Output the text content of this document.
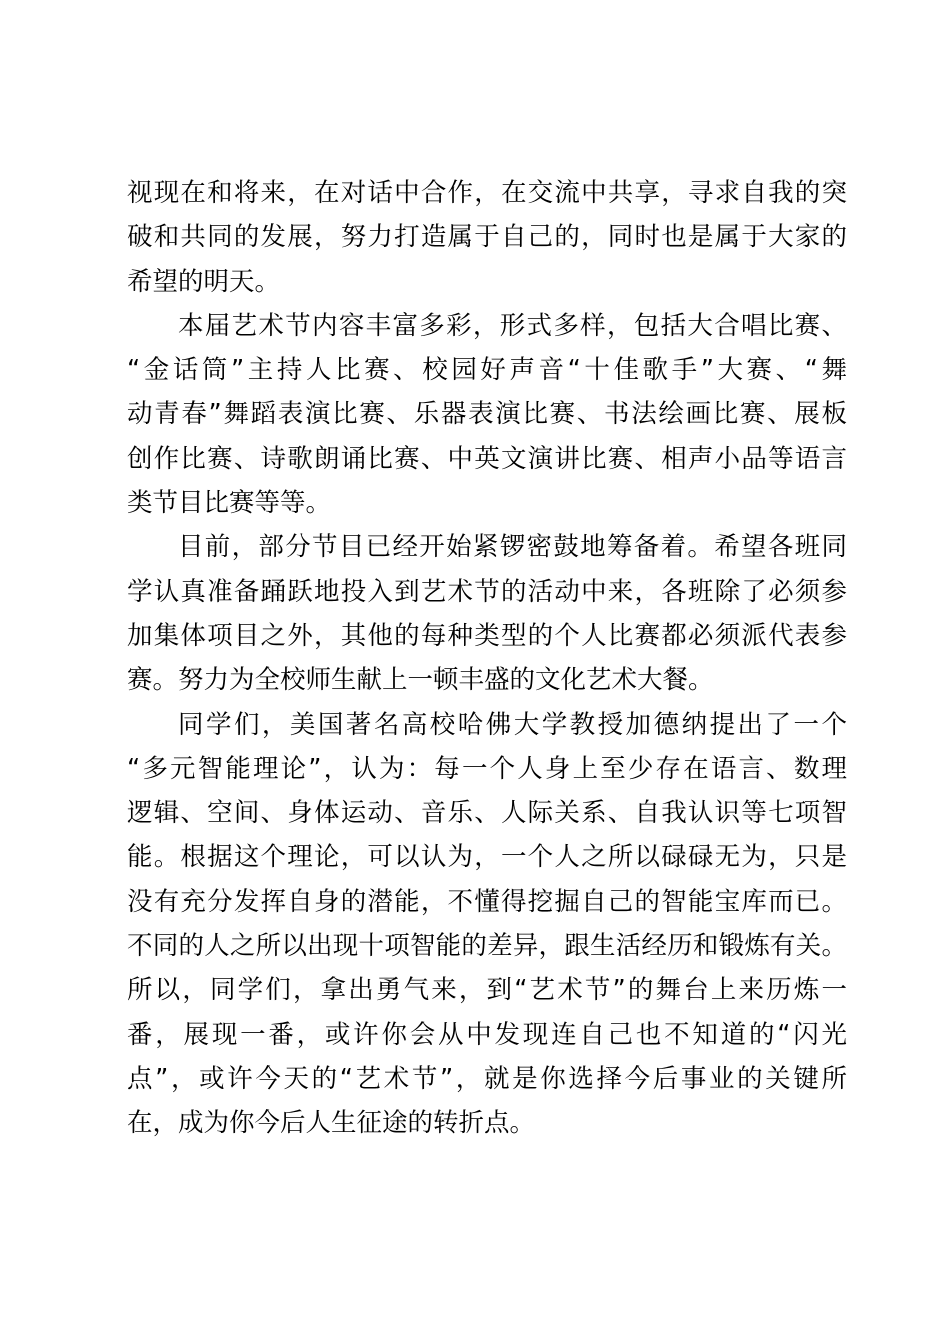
视现在和将来，在对话中合作，在交流中共享，寻求自我的突
破和共同的发展，努力打造属于自己的，同时也是属于大家的
希望的明天。
本届艺术节内容丰富多彩，形式多样，包括大合唱比赛、
“金话筒”主持人比赛、校园好声音“十佳歌手”大赛、“舞
动青春”舞蹈表演比赛、乐器表演比赛、书法绘画比赛、展板
创作比赛、诗歌朗诵比赛、中英文演讲比赛、相声小品等语言
类节目比赛等等。
目前，部分节目已经开始紧锣密鼓地筹备着。希望各班同
学认真准备踊跃地投入到艺术节的活动中来，各班除了必须参
加集体项目之外，其他的每种类型的个人比赛都必须派代表参
赛。努力为全校师生献上一顿丰盛的文化艺术大餐。
同学们，美国著名高校哈佛大学教授加德纳提出了一个
“多元智能理论”，认为：每一个人身上至少存在语言、数理
逻辑、空间、身体运动、音乐、人际关系、自我认识等七项智
能。根据这个理论，可以认为，一个人之所以碌碌无为，只是
没有充分发挥自身的潜能，不懂得挖掘自己的智能宝库而已。
不同的人之所以出现十项智能的差异，跟生活经历和锻炼有关。
所以，同学们，拿出勇气来，到“艺术节”的舞台上来历炼一
番，展现一番，或许你会从中发现连自己也不知道的“闪光
点”，或许今天的“艺术节”，就是你选择今后事业的关键所
在，成为你今后人生征途的转折点。
